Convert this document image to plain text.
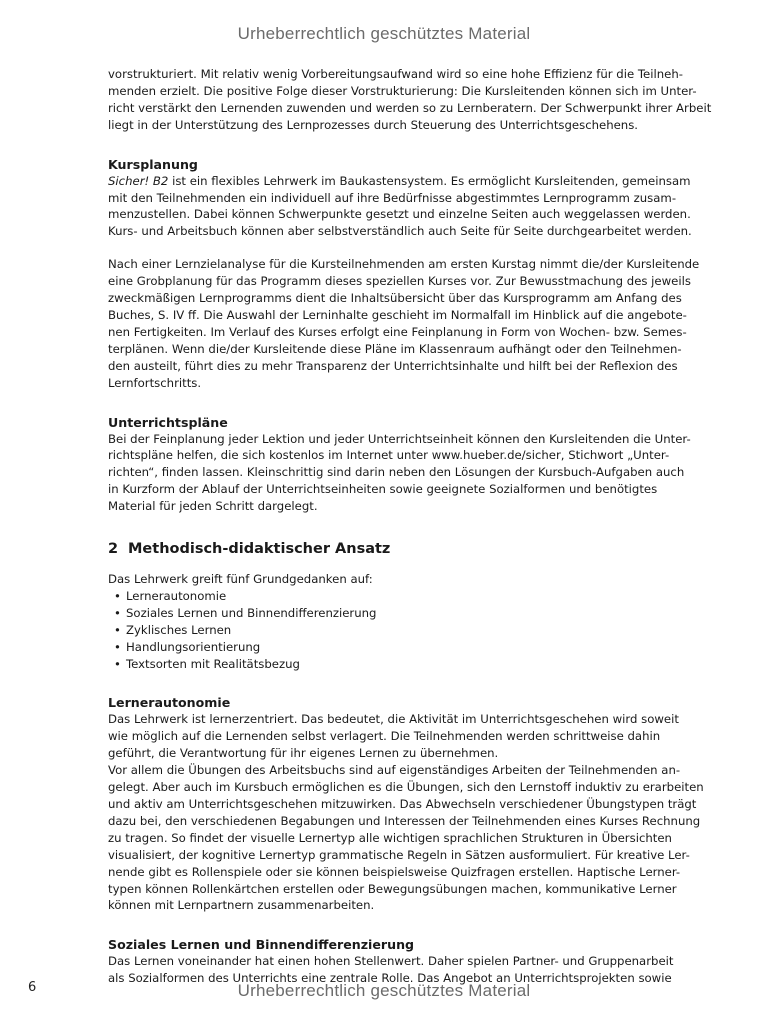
Urheberrechtlich geschütztes Material

vorstrukturiert. Mit relativ wenig Vorbereitungsaufwand wird so eine hohe Effizienz für die Teilneh-

menden erzielt. Die positive Folge dieser Vorstrukturierung: Die Kursleitenden können sich im Unter-

richt verstärkt den Lernenden zuwenden und werden so zu Lernberatern. Der Schwerpunkt ihrer Arbeit

liegt in der Unterstützung des Lernprozesses durch Steuerung des Unterrichtsgeschehens.

Kursplanung

Sicher! B2 ist ein flexibles Lehrwerk im Baukastensystem. Es ermöglicht Kursleitenden, gemeinsam

mit den Teilnehmenden ein individuell auf ihre Bedürfnisse abgestimmtes Lernprogramm zusam-

menzustellen. Dabei können Schwerpunkte gesetzt und einzelne Seiten auch weggelassen werden.

Kurs- und Arbeitsbuch können aber selbstverständlich auch Seite für Seite durchgearbeitet werden.

Nach einer Lernzielanalyse für die Kursteilnehmenden am ersten Kurstag nimmt die/der Kursleitende

eine Grobplanung für das Programm dieses speziellen Kurses vor. Zur Bewusstmachung des jeweils

zweckmäßigen Lernprogramms dient die Inhaltsübersicht über das Kursprogramm am Anfang des

Buches, S. IV ff. Die Auswahl der Lerninhalte geschieht im Normalfall im Hinblick auf die angebote-

nen Fertigkeiten. Im Verlauf des Kurses erfolgt eine Feinplanung in Form von Wochen- bzw. Semes-

terplänen. Wenn die/der Kursleitende diese Pläne im Klassenraum aufhängt oder den Teilnehmen-

den austeilt, führt dies zu mehr Transparenz der Unterrichtsinhalte und hilft bei der Reflexion des

Lernfortschritts.

Unterrichtspläne

Bei der Feinplanung jeder Lektion und jeder Unterrichtseinheit können den Kursleitenden die Unter-

richtspläne helfen, die sich kostenlos im Internet unter www.hueber.de/sicher, Stichwort „Unter-

richten“, finden lassen. Kleinschrittig sind darin neben den Lösungen der Kursbuch-Aufgaben auch

in Kurzform der Ablauf der Unterrichtseinheiten sowie geeignete Sozialformen und benötigtes

Material für jeden Schritt dargelegt.

2 Methodisch-didaktischer Ansatz

Das Lehrwerk greift fünf Grundgedanken auf:

• Lernerautonomie
• Soziales Lernen und Binnendifferenzierung
• Zyklisches Lernen
• Handlungsorientierung
• Textsorten mit Realitätsbezug

Lernerautonomie

Das Lehrwerk ist lernerzentriert. Das bedeutet, die Aktivität im Unterrichtsgeschehen wird soweit

wie möglich auf die Lernenden selbst verlagert. Die Teilnehmenden werden schrittweise dahin

geführt, die Verantwortung für ihr eigenes Lernen zu übernehmen.

Vor allem die Übungen des Arbeitsbuchs sind auf eigenständiges Arbeiten der Teilnehmenden an-

gelegt. Aber auch im Kursbuch ermöglichen es die Übungen, sich den Lernstoff induktiv zu erarbeiten

und aktiv am Unterrichtsgeschehen mitzuwirken. Das Abwechseln verschiedener Übungstypen trägt

dazu bei, den verschiedenen Begabungen und Interessen der Teilnehmenden eines Kurses Rechnung

zu tragen. So findet der visuelle Lernertyp alle wichtigen sprachlichen Strukturen in Übersichten

visualisiert, der kognitive Lernertyp grammatische Regeln in Sätzen ausformuliert. Für kreative Ler-

nende gibt es Rollenspiele oder sie können beispielsweise Quizfragen erstellen. Haptische Lerner-

typen können Rollenkärtchen erstellen oder Bewegungsübungen machen, kommunikative Lerner

können mit Lernpartnern zusammenarbeiten.

Soziales Lernen und Binnendifferenzierung

Das Lernen voneinander hat einen hohen Stellenwert. Daher spielen Partner- und Gruppenarbeit

als Sozialformen des Unterrichts eine zentrale Rolle. Das Angebot an Unterrichtsprojekten sowie

6	Urheberrechtlich geschütztes Material
